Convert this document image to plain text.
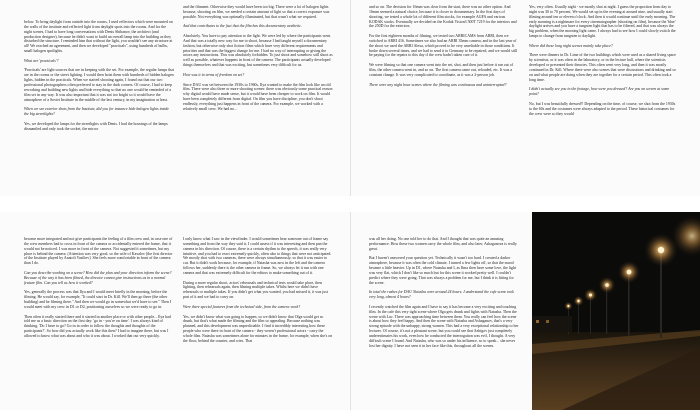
below. To bring daylight from outside into the rooms, I used reflectors which were mounted on the walls of the institute and reflected light from daylight spots into the rooms. And for the night scenes, I had to have long conversations with Denis Shibanov, the architect (and production designer), because he didn't want to build an overall lamp into the building as they disturbed the structure. I reminded him that without the light, you wouldn't see any structure at all! We reached an agreement, and then we developed "practicals", using hundreds of bulbs, small halogen spotlights.

What are 'practicals'?

'Practicals' are light sources that are in keeping with the set. For example, the regular lamps that are in the rooms or the street lighting. I would then hoist them with hundreds of hidden halogen lights, hidden in the practicals. When we started shooting again, I found out that our two professional photographers often preferred to stay in the dark corners. Of course, I had to keep reworking and building new lights and hide everything so that no one would be reminded of a film set in any way. It was also important that it was not too bright so it would have the atmosphere of a Soviet Institute in the middle of the last century, in my imagination at least.

When we see exterior shots from the Institute, did you for instance hide halogen lights inside the big streetlights?

Yes, we developed the lamps for the streetlights with Denis. I had the housings of the lamps dismantled and only took the socket, the mirror

and the filament. Otherwise they would have been too big. There were a lot of halogen lights because, shooting on film, we needed a certain amount of light so that a correct exposure was possible. Not everything was optimally illuminated, but that wasn't what we required.

And that contributes to the fact that the film has this documentary aesthetic.

Absolutely. You have to pay attention to the light. We were led by where the participants went. And that was a totally new way for me to shoot, because I had taught myself a documentary fashion, but otherwise only shot fiction films which have very different requirements and priorities and that was the biggest change for me. I had no way of interrupting or giving the actors any instructions. This was absolutely forbidden. To just shoot and somehow still shoot as well as possible, whatever happens in front of the camera. The participants actually developed things themselves and that was exciting, but sometimes very difficult for us.

How was it in terms of freedom on set?

Since DAU was set between the 1930s to 1960s, Ilya wanted to make the film look like an old film. There were also three or more shooting scenes: there was obviously some practical reason why digital would have made sense, but it would have been cheaper to work on film. It would have been completely different from digital. On film you have discipline, you don't shoot endlessly, everything just happens in front of the camera. For example, we worked with a relatively small crew. We had no...

and so on. The decision for 16mm was clear from the start, there was no other option. And 16mm seemed a natural choice, because it is closer to documentary. In the first days of shooting, we tested a whole lot of different film stocks, for example AGFA and various KODAK stocks. Eventually we decided on the Kodak Vision3 500T 7219 for the interiors and the 250D for the exteriors.

For the first eighteen months of filming, we tested two ARRICAMS from ARRI, then we switched to ARRI 416. Sometimes we also had an ARRI 35mm camera, and in the last year of the shoot we used the ARRI Alexa, which proved to be very unreliable in those conditions. It broke down several times, and we had to send it to Germany to be repaired, and we would still be paying for the repairs to this day if the crew hadn't taken care of it.

We were filming so that one camera went into the set, shot, and then just before it ran out of film, the other camera went in, and so on. The first camera came out, reloaded, etc. It was a constant change. It was very complicated to coordinate, as it was a 2-person job.

There were any night hour scenes where the filming was continuous and uninterrupted?

Yes, very often. Usually night - we mostly shot at night. I guess the proportion from day to night was 30 to 70 percent. We would set up in the evening at around nine, and usually start filming around ten or eleven o'clock. And then it would continue until the early morning. The early morning is a nightmare for every cinematographer (shooting on film), because the 'blue' daylight arrives and you have a tungsten light that has to be filtered, and that was always the big problem, when the morning light came. I always had to see how I could slowly switch the lamps to change from tungsten to daylight.

Where did these long night scenes mainly take place?

There were dinners in Dr. Lime of the two buildings which were used as a shared living space by scientists, or it was often in the laboratory, or in the lecture hall, where the scientists developed or presented their theories. This often went very long, and then it was mostly continued in Dr. Kill. Where there were also scenes that were discussions and drinking and so on and what people are doing when they are together for a certain period. This often took a long time.

I didn't actually see you in the footage, how were you dressed? Are you on screen at some point?

No, but I was beautifully dressed!! Depending on the time, of course, we shot from the 1930s to the 60s and the costumes were always adapted to the period. These historical costumes for the crew were so they would

become more integrated and not give participants the feeling of a film crew and, in case one of the crew members had to cross in front of the camera or accidentally entered the frame, that it would not be noticed. I was more in front of the camera. Not suggested it sometimes, but my place is behind the camera. (Attention was very good, so the wife of Kavalov [the first director of the Institute played by Anatoli Vasiliev]. She feels more comfortable in front of the camera than I do.

Can you describe working on a scene? How did the plan and your direction inform the scene? Because of the way it has been filmed, the director cannot give instructions as in a normal feature film. Can you tell us how it worked?

Yes, generally the process was that Ilya and I would meet briefly in the morning, before the filming. He would say, for example, "It could start in Dr. Kill. We'll then go there (the other building) and be filming there." And then we would go in somewhat we'd have to see." Then I would meet with my crew in D1 or D2, positioning ourselves so we were ready to go in.

Then often it really started there and it started in another place or with other people... Ilya had told me as a basic direction on the first day: 'go in - you're on time'. I was always kind of thinking, 'Do I have to go? Go in in order to follow the thoughts and thoughts of the participants?'. So how did you actually work like this then? I had to imagine there, but was I allowed to know what was about and who it was about. I worked that out very quickly.

I only know what I saw in the viewfinder. I would sometimes hear someone out of frame say something and from the way they said it, I could assess if it was interesting and then pan the camera in his direction. Of course, there is a certain rhythm to the speech, it was really very intuitive, and you had to react extremely quickly, often also to things that were not anticipated. We mostly shot with two cameras, there were always simultaneously, so that it was easier to cut. But it didn't work because, for example, if Natasha was now in the left and the camera follows her, suddenly there is the other camera in frame. So, we always let it run with one camera and that was extremely difficult for the editors to make something out of it.

During a more regular shoot, actors' rehearsals and technical tests would take place, then lighting, then rehearsals again, then filming multiple takes. Whilst here we didn't have rehearsals or multiple takes. If you didn't get what you wanted, you had missed it, it was just part of it and we had to carry on.

Were there special features from the technical side, from the camera work?

Yes, we didn't know what was going to happen, so we didn't know that Olga would get so drunk, but that's what made the filming and the film so appealing. Because nothing was planned, and this development was unpredictable. I find it incredibly interesting how these people who were there in front of the camera - they weren't professional actors - carry the whole film. Natasha was sometimes alone for minutes in the frame, for example, when she's on the floor, behind the counter, and cries. That

was all her doing. No one told her to do that. And I thought that was quite an amazing performance. How these two women carry the whole film, and also later, Ashaganova is really great.

But I haven't answered your question yet. Technically it wasn't too hard. I created a darker atmosphere, because it was often the cold climate. I turned a few lights off, so that the mood became a little heavier. Up in D1, where Natasha and I, as Ilma then have some love, the light was very flat, which I don't like so much but for this scene it worked pretty well. I couldn't predict where they were going. That was always a problem for me, but I think it is fitting for the scene.

In total the rushes for DAU Natasha were around 24 hours. I understand the cafe scene took very long, almost 4 hours?

I recently watched the film again and I have to say it has become a very exciting and touching film. In the cafe this very tight scene where Olga gets drunk and fights with Natasha. Then the scene with Luc. There was approaching time between them. You really can feel how the scene is about how they feel happy. And then the scene with Natasha and Ashaganov, that's a very strong episode with the unhappy, strong women. This had a very exceptional relationship to her lecturer. Of course, it's not a pleasant scene, but you could see that Azhigov just completely underestimates his work, even how he conducted the interrogation was evil, I thought. A very difficult scene I found. And Natasha, who was so under his influence, so to speak... she never lost her dignity. I have not seen it in her face like this, throughout all the scenes.
